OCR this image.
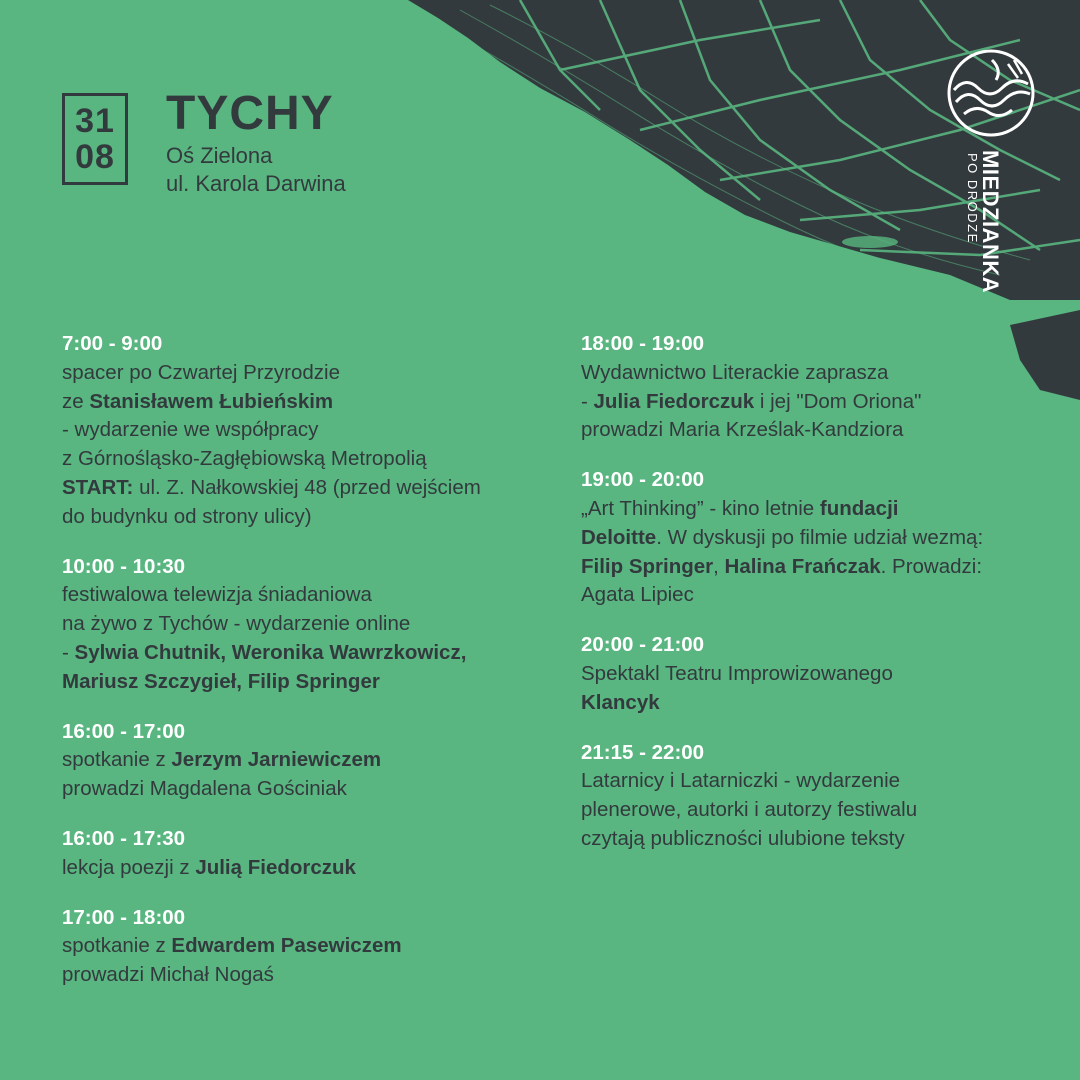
31
08
TYCHY
Oś Zielona
ul. Karola Darwina	MIEDZIANKA
PO DRODZE
7:00 - 9:00
spacer po Czwartej Przyrodzie
ze Stanisławem Łubieńskim
- wydarzenie we współpracy
z Górnośląsko-Zagłębiowską Metropolią
START: ul. Z. Nałkowskiej 48 (przed wejściem
do budynku od strony ulicy)
10:00 - 10:30
festiwalowa telewizja śniadaniowa
na żywo z Tychów - wydarzenie online
- Sylwia Chutnik, Weronika Wawrzkowicz,
Mariusz Szczygieł, Filip Springer
16:00 - 17:00
spotkanie z Jerzym Jarniewiczem
prowadzi Magdalena Gościniak
16:00 - 17:30
lekcja poezji z Julią Fiedorczuk
17:00 - 18:00
spotkanie z Edwardem Pasewiczem
prowadzi Michał Nogaś
18:00 - 19:00
Wydawnictwo Literackie zaprasza
- Julia Fiedorczuk i jej "Dom Oriona"
prowadzi Maria Krześlak-Kandziora
19:00 - 20:00
„Art Thinking” - kino letnie fundacji
Deloitte. W dyskusji po filmie udział wezmą:
Filip Springer, Halina Frańczak. Prowadzi:
Agata Lipiec
20:00 - 21:00
Spektakl Teatru Improwizowanego
Klancyk
21:15 - 22:00
Latarnicy i Latarniczki - wydarzenie
plenerowe, autorki i autorzy festiwalu
czytają publiczności ulubione teksty
